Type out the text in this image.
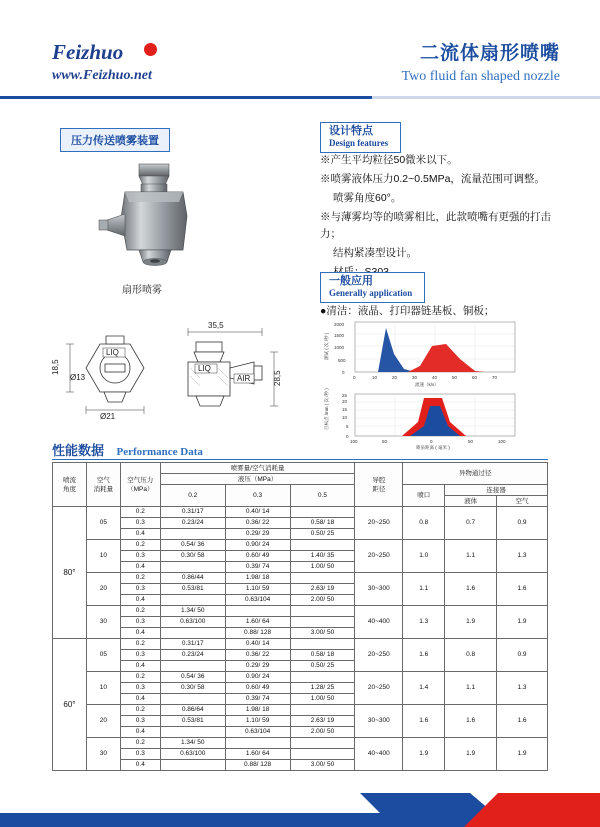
Feizhuo
www.Feizhuo.net
二流体扇形喷嘴
Two fluid fan shaped nozzle
压力传送喷雾装置
扇形喷雾
设计特点
Design features
※产生平均粒径50微米以下。
※喷雾液体压力0.2~0.5MPa，流量范围可调整。
喷雾角度60°。
※与薄雾均等的喷雾相比，此款喷嘴有更强的打击力；
结构紧凑型设计。
一般应用
Generally application
●清洁：液晶、打印器链基板、铜板；
18,5
Ø13
Ø21
LIQ
AIR
LIQ
35,5
28,5	0
500
1000
1500
2000
0	10	20	30	40	50	60	70
流速（k/s）
测试 ( 次 /秒 )
0
5
10
15
20
25
100	50	0	50	100
喷泉距离 ( 毫米 )
目标点 /mm ( 次 /秒 )
性能数据 Performance Data
喷流
角度

空气
消耗量

空气压力
（MPa）
	喷雾量/空气消耗量	
导腔
距径
	异物通过径
			液压（MPa）						
			0.2	0.3	0.5		喷口	连接器	
								液体	空气
80°	05	0.2	0.31/17	0.40/ 14		20~250	0.8	0.7	0.9
		0.3	0.23/24	0.36/ 22	0.58/ 18				
		0.4		0.29/ 29	0.50/ 25				
	10	0.2	0.54/ 36	0.90/ 24		20~250	1.0	1.1	1.3
		0.3	0.30/ 58	0.60/ 49	1.40/ 35				
		0.4		0.39/ 74	1.00/ 50				
	20	0.2	0.86/44	1.98/ 18		30~300	1.1	1.6	1.6
		0.3	0.53/81	1.10/ 59	2.63/ 19				
		0.4		0.63/104	2.00/ 50				
	30	0.2	1.34/ 50			40~400	1.3	1.9	1.9
		0.3	0.63/100	1.60/ 64					
		0.4		0.88/ 128	3.00/ 50				
60°	05	0.2	0.31/17	0.40/ 14		20~250	1.6	0.8	0.9
		0.3	0.23/24	0.36/ 22	0.58/ 18				
		0.4		0.29/ 29	0.50/ 25				
	10	0.2	0.54/ 36	0.90/ 24		20~250	1.4	1.1	1.3
		0.3	0.30/ 58	0.60/ 49	1.28/ 25				
		0.4		0.39/ 74	1.00/ 50				
	20	0.2	0.86/64	1.98/ 18		30~300	1.6	1.6	1.6
		0.3	0.53/81	1.10/ 59	2.63/ 19				
		0.4		0.63/104	2.00/ 50				
	30	0.2	1.34/ 50			40~400	1.9	1.9	1.9
		0.3	0.63/100	1.60/ 64					
		0.4		0.88/ 128	3.00/ 50				
